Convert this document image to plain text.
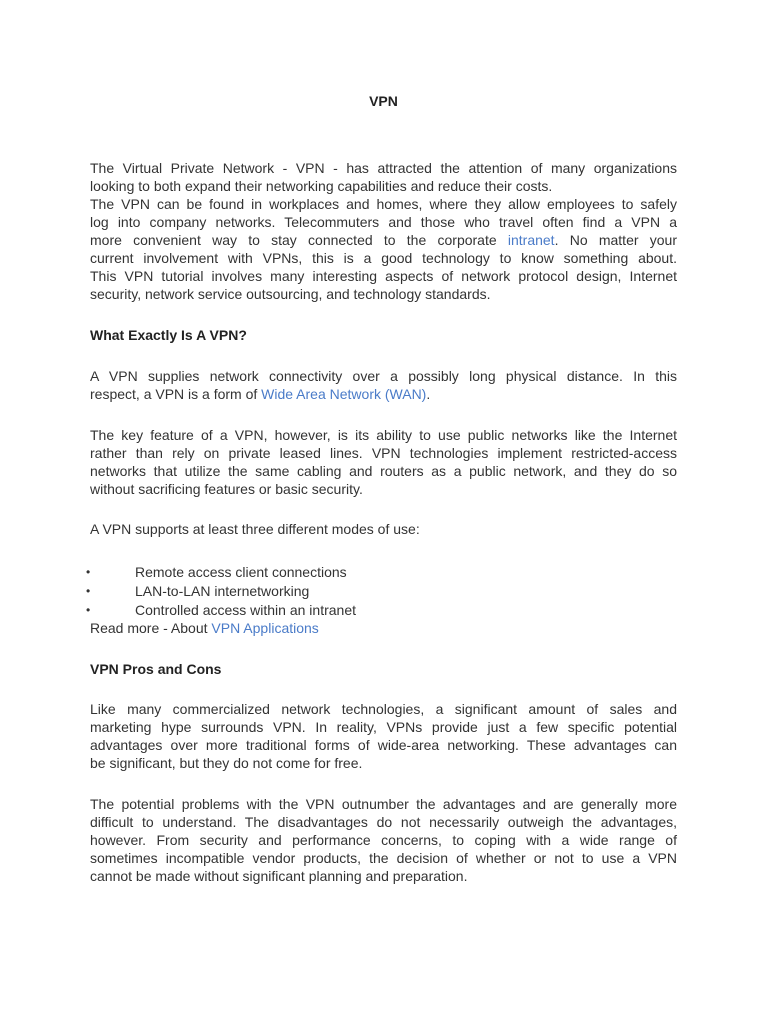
VPN

The Virtual Private Network - VPN - has attracted the attention of many organizations
looking to both expand their networking capabilities and reduce their costs.
The VPN can be found in workplaces and homes, where they allow employees to safely
log into company networks. Telecommuters and those who travel often find a VPN a
more convenient way to stay connected to the corporate intranet. No matter your
current involvement with VPNs, this is a good technology to know something about.
This VPN tutorial involves many interesting aspects of network protocol design, Internet
security, network service outsourcing, and technology standards.

What Exactly Is A VPN?

A VPN supplies network connectivity over a possibly long physical distance. In this
respect, a VPN is a form of Wide Area Network (WAN).

The key feature of a VPN, however, is its ability to use public networks like the Internet
rather than rely on private leased lines. VPN technologies implement restricted-access
networks that utilize the same cabling and routers as a public network, and they do so
without sacrificing features or basic security.

A VPN supports at least three different modes of use:

•	Remote access client connections
•	LAN-to-LAN internetworking
•	Controlled access within an intranet

Read more - About VPN Applications

VPN Pros and Cons

Like many commercialized network technologies, a significant amount of sales and
marketing hype surrounds VPN. In reality, VPNs provide just a few specific potential
advantages over more traditional forms of wide-area networking. These advantages can
be significant, but they do not come for free.

The potential problems with the VPN outnumber the advantages and are generally more
difficult to understand. The disadvantages do not necessarily outweigh the advantages,
however. From security and performance concerns, to coping with a wide range of
sometimes incompatible vendor products, the decision of whether or not to use a VPN
cannot be made without significant planning and preparation.
